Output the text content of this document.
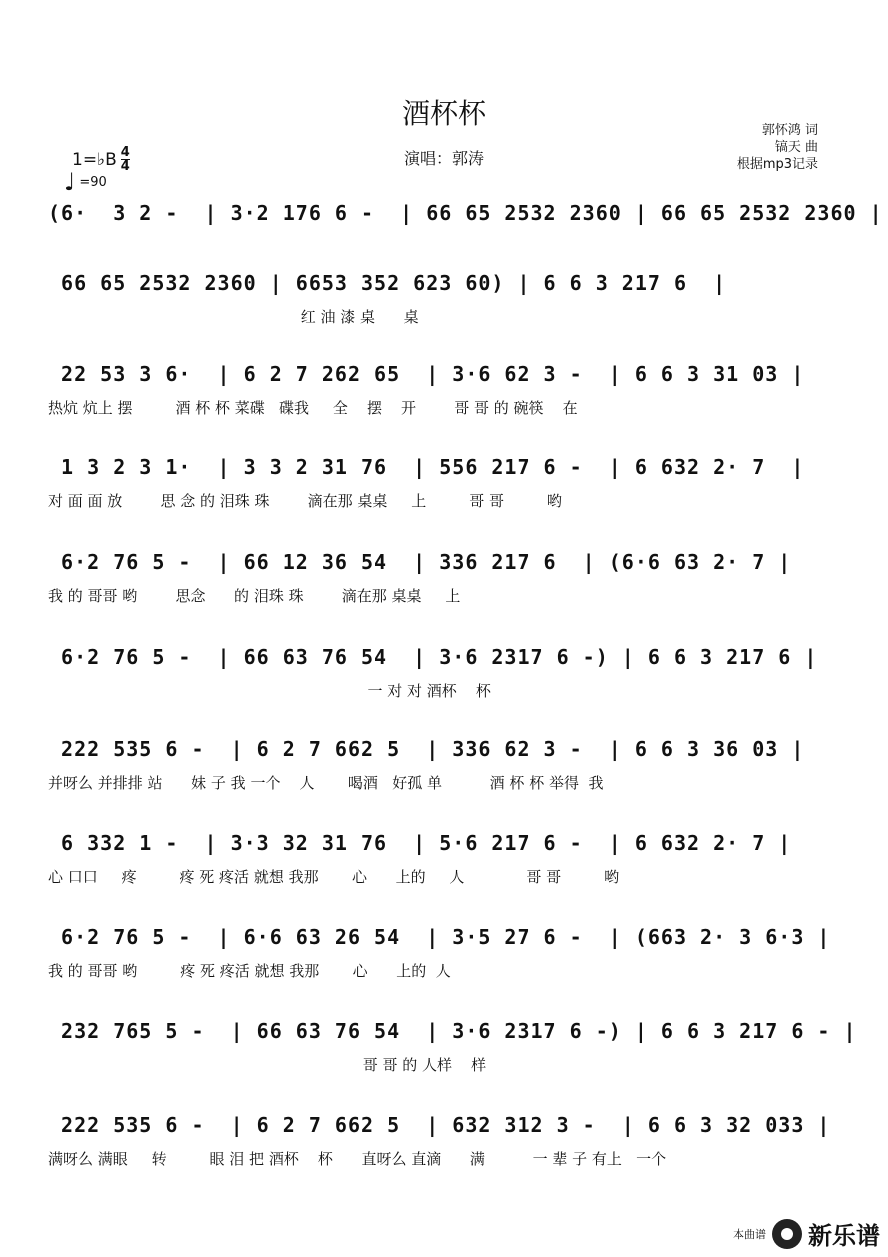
酒杯杯
演唱：郭涛
郭怀鸿 词
镐天 曲
根据mp3记录
1=♭B 4
4
♩ =90
(6·  3 2 -  | 3·2 176 6 -  | 66 65 2532 2360 | 66 65 2532 2360 |
66 65 2532 2360 | 6653 352 623 60) | 6 6 3 217 6  |
红 油 漆 桌      桌
22 53 3 6·  | 6 2 7 262 65  | 3·6 62 3 -  | 6 6 3 31 03 |
热炕 炕上 摆         酒 杯 杯 菜碟   碟我     全    摆    开        哥 哥 的 碗筷    在
1 3 2 3 1·  | 3 3 2 31 76  | 556 217 6 -  | 6 632 2· 7  |
对 面 面 放        思 念 的 泪珠 珠        滴在那 桌桌     上         哥 哥         哟
6·2 76 5 -  | 66 12 36 54  | 336 217 6  | (6·6 63 2· 7 |
我 的 哥哥 哟        思念      的 泪珠 珠        滴在那 桌桌     上
6·2 76 5 -  | 66 63 76 54  | 3·6 2317 6 -) | 6 6 3 217 6 |
一 对 对 酒杯    杯
222 535 6 -  | 6 2 7 662 5  | 336 62 3 -  | 6 6 3 36 03 |
并呀么 并排排 站      妹 子 我 一个    人       喝酒   好孤 单          酒 杯 杯 举得  我
6 332 1 -  | 3·3 32 31 76  | 5·6 217 6 -  | 6 632 2· 7 |
心 口口     疼         疼 死 疼活 就想 我那       心      上的     人             哥 哥         哟
6·2 76 5 -  | 6·6 63 26 54  | 3·5 27 6 -  | (663 2· 3 6·3 |
我 的 哥哥 哟         疼 死 疼活 就想 我那       心      上的  人
232 765 5 -  | 66 63 76 54  | 3·6 2317 6 -) | 6 6 3 217 6 - |
哥 哥 的 人样    样
222 535 6 -  | 6 2 7 662 5  | 632 312 3 -  | 6 6 3 32 033 |
满呀么 满眼     转         眼 泪 把 酒杯    杯      直呀么 直滴      满          一 辈 子 有上   一个
本曲谱 新乐谱
